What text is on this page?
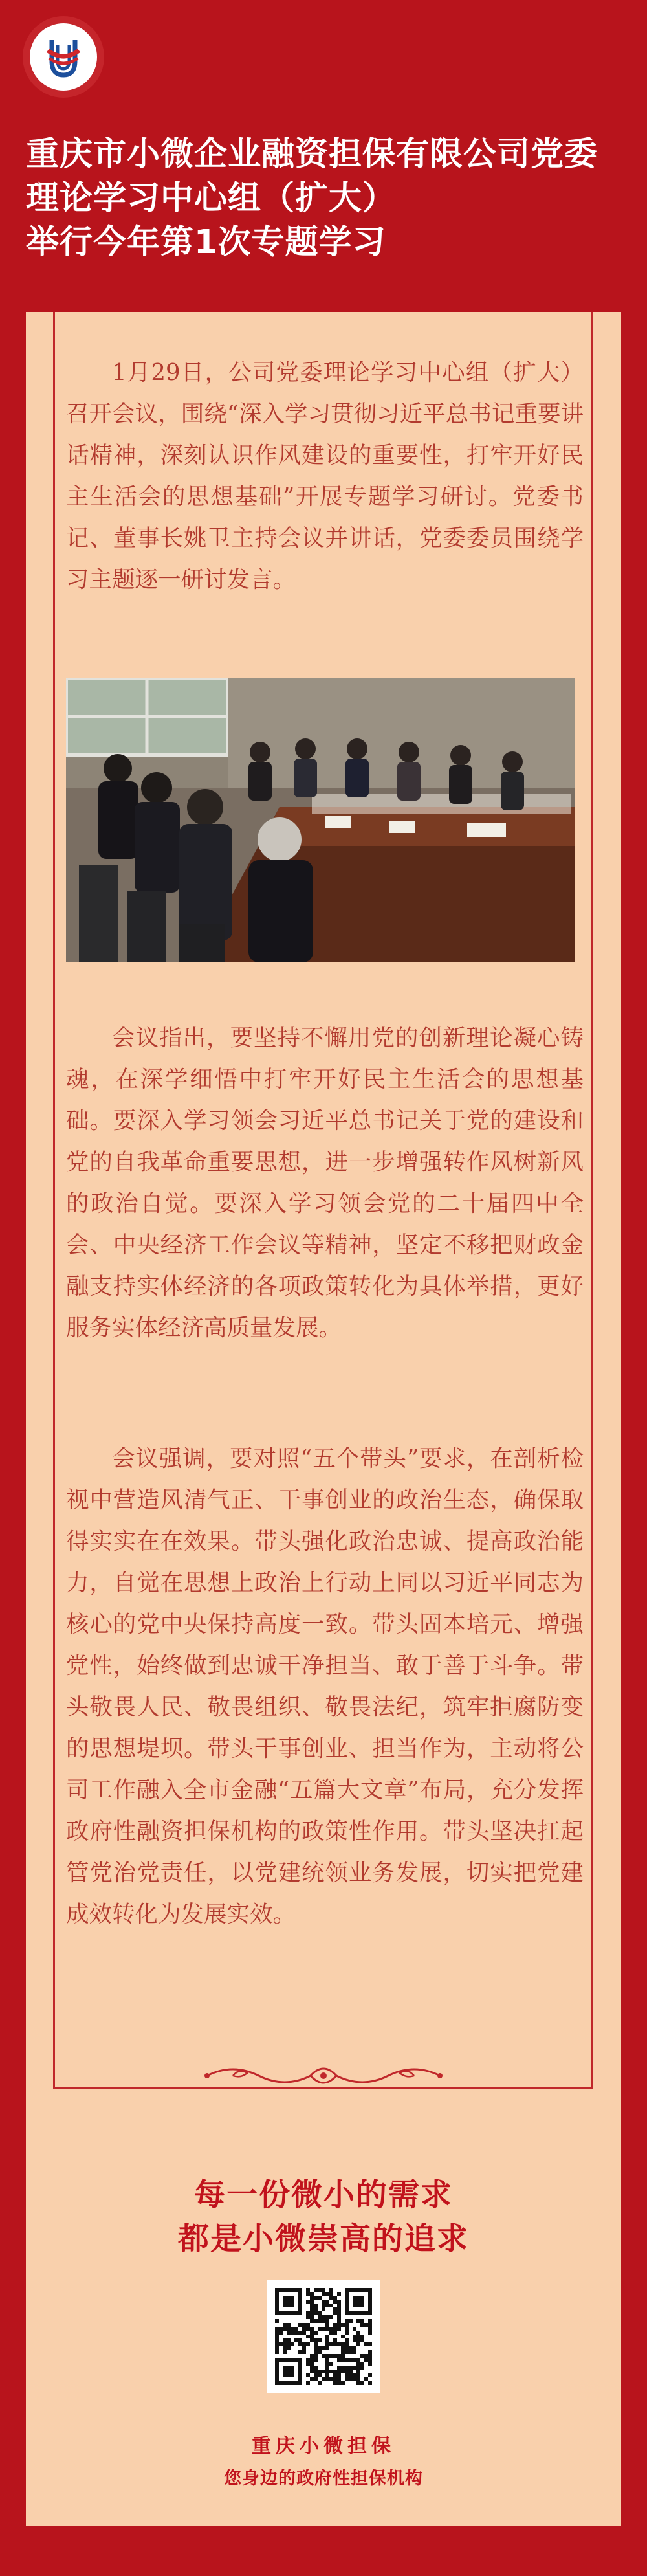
重庆市小微企业融资担保有限公司党委
理论学习中心组（扩大）
举行今年第1次专题学习

1月29日，公司党委理论学习中心组（扩大）召开会议，围绕“深入学习贯彻习近平总书记重要讲话精神，深刻认识作风建设的重要性，打牢开好民主生活会的思想基础”开展专题学习研讨。党委书记、董事长姚卫主持会议并讲话，党委委员围绕学习主题逐一研讨发言。

会议指出，要坚持不懈用党的创新理论凝心铸魂，在深学细悟中打牢开好民主生活会的思想基础。要深入学习领会习近平总书记关于党的建设和党的自我革命重要思想，进一步增强转作风树新风的政治自觉。要深入学习领会党的二十届四中全会、中央经济工作会议等精神，坚定不移把财政金融支持实体经济的各项政策转化为具体举措，更好服务实体经济高质量发展。

会议强调，要对照“五个带头”要求，在剖析检视中营造风清气正、干事创业的政治生态，确保取得实实在在效果。带头强化政治忠诚、提高政治能力，自觉在思想上政治上行动上同以习近平同志为核心的党中央保持高度一致。带头固本培元、增强党性，始终做到忠诚干净担当、敢于善于斗争。带头敬畏人民、敬畏组织、敬畏法纪，筑牢拒腐防变的思想堤坝。带头干事创业、担当作为，主动将公司工作融入全市金融“五篇大文章”布局，充分发挥政府性融资担保机构的政策性作用。带头坚决扛起管党治党责任，以党建统领业务发展，切实把党建成效转化为发展实效。

每一份微小的需求

都是小微崇高的追求

重庆小微担保

您身边的政府性担保机构
